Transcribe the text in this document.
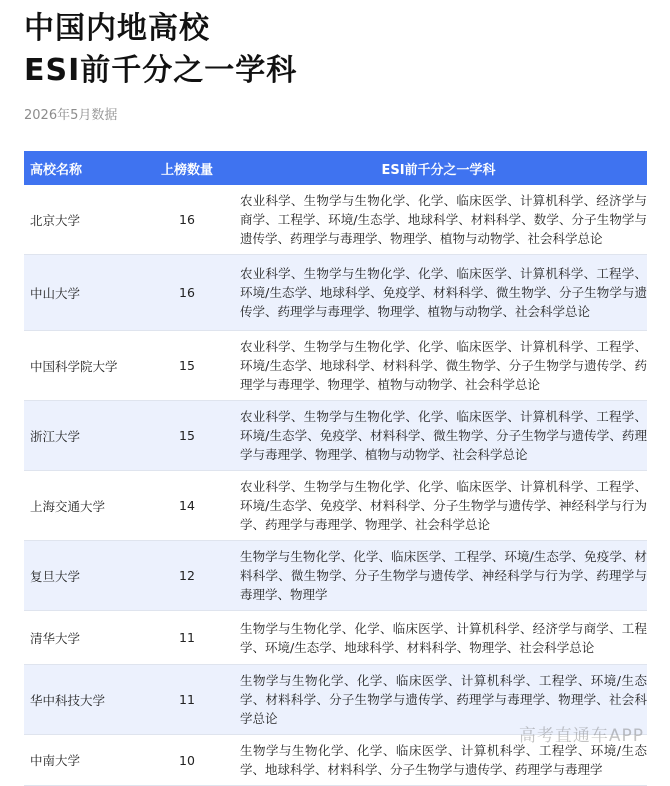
中国内地高校
ESI前千分之一学科
2026年5月数据
高校名称	上榜数量	ESI前千分之一学科
北京大学	16	农业科学、生物学与生物化学、化学、临床医学、计算机科学、经济学与商学、工程学、环境/生态学、地球科学、材料科学、数学、分子生物学与遗传学、药理学与毒理学、物理学、植物与动物学、社会科学总论
中山大学	16	农业科学、生物学与生物化学、化学、临床医学、计算机科学、工程学、环境/生态学、地球科学、免疫学、材料科学、微生物学、分子生物学与遗传学、药理学与毒理学、物理学、植物与动物学、社会科学总论
中国科学院大学	15	农业科学、生物学与生物化学、化学、临床医学、计算机科学、工程学、环境/生态学、地球科学、材料科学、微生物学、分子生物学与遗传学、药理学与毒理学、物理学、植物与动物学、社会科学总论
浙江大学	15	农业科学、生物学与生物化学、化学、临床医学、计算机科学、工程学、环境/生态学、免疫学、材料科学、微生物学、分子生物学与遗传学、药理学与毒理学、物理学、植物与动物学、社会科学总论
上海交通大学	14	农业科学、生物学与生物化学、化学、临床医学、计算机科学、工程学、环境/生态学、免疫学、材料科学、分子生物学与遗传学、神经科学与行为学、药理学与毒理学、物理学、社会科学总论
复旦大学	12	生物学与生物化学、化学、临床医学、工程学、环境/生态学、免疫学、材料科学、微生物学、分子生物学与遗传学、神经科学与行为学、药理学与毒理学、物理学
清华大学	11	生物学与生物化学、化学、临床医学、计算机科学、经济学与商学、工程学、环境/生态学、地球科学、材料科学、物理学、社会科学总论
华中科技大学	11	生物学与生物化学、化学、临床医学、计算机科学、工程学、环境/生态学、材料科学、分子生物学与遗传学、药理学与毒理学、物理学、社会科学总论
中南大学	10	生物学与生物化学、化学、临床医学、计算机科学、工程学、环境/生态学、地球科学、材料科学、分子生物学与遗传学、药理学与毒理学
高考直通车APP
